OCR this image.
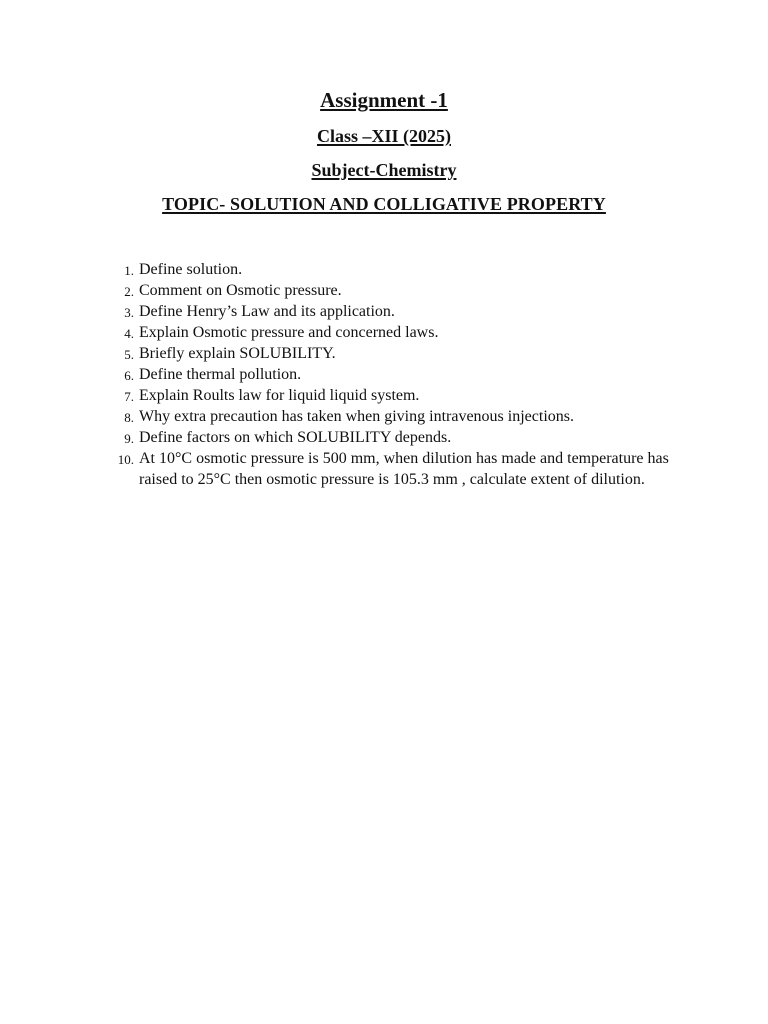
Assignment -1
Class –XII (2025)
Subject-Chemistry
TOPIC- SOLUTION AND COLLIGATIVE PROPERTY
1. Define solution.
2. Comment on Osmotic pressure.
3. Define Henry’s Law and its application.
4. Explain Osmotic pressure and concerned laws.
5. Briefly explain SOLUBILITY.
6. Define thermal pollution.
7. Explain Roults law for liquid liquid system.
8. Why extra precaution has taken when giving intravenous injections.
9. Define factors on which SOLUBILITY depends.
10. At 10°C osmotic pressure is 500 mm, when dilution has made and temperature has raised to 25°C then osmotic pressure is 105.3 mm , calculate extent of dilution.
